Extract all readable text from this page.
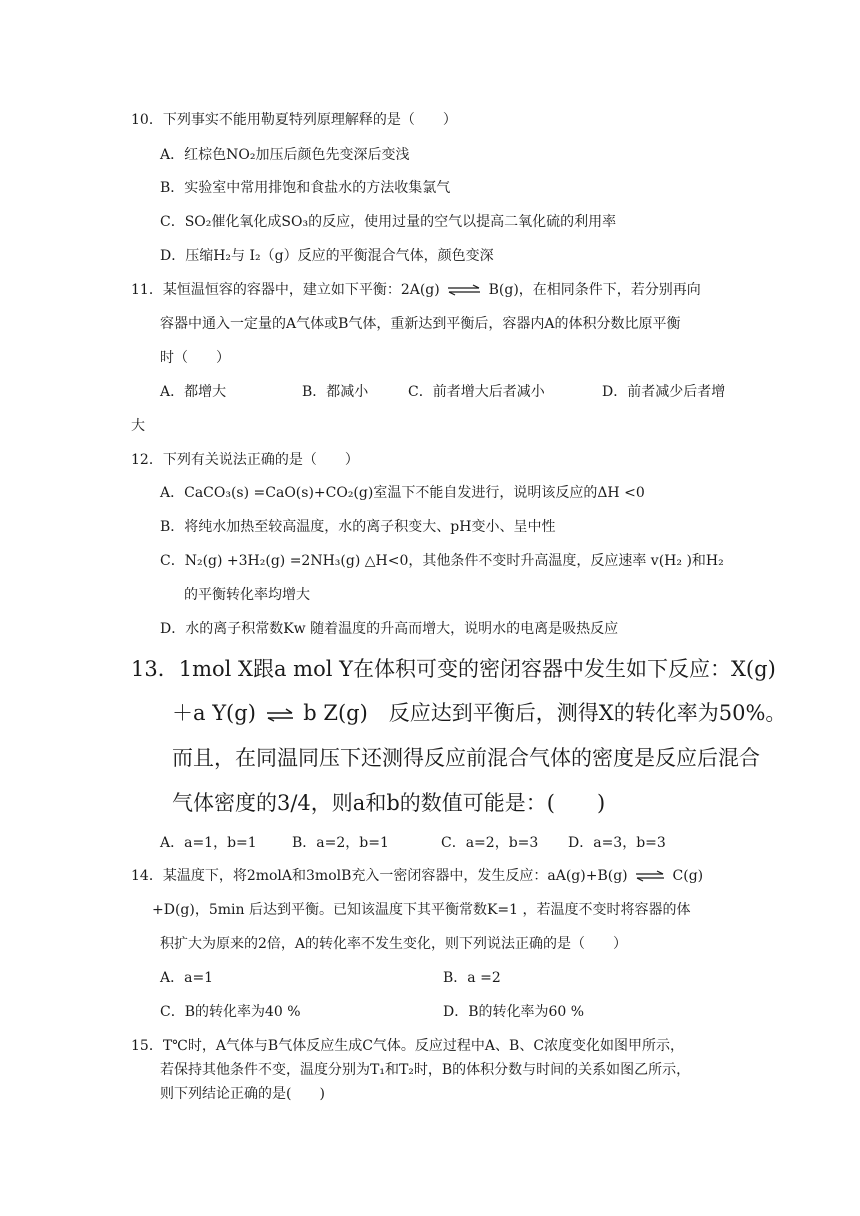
10．下列事实不能用勒夏特列原理解释的是（　　）
A．红棕色NO₂加压后颜色先变深后变浅
B．实验室中常用排饱和食盐水的方法收集氯气
C．SO₂催化氧化成SO₃的反应，使用过量的空气以提高二氧化硫的利用率
D．压缩H₂与 I₂（g）反应的平衡混合气体，颜色变深
11．某恒温恒容的容器中，建立如下平衡：2A(g) ⇌ B(g)，在相同条件下，若分别再向
容器中通入一定量的A气体或B气体，重新达到平衡后，容器内A的体积分数比原平衡
时（　　）
A．都增大	B．都减小	C．前者增大后者减小	D．前者减少后者增
大
12．下列有关说法正确的是（　　）
A．CaCO₃(s) =CaO(s)+CO₂(g)室温下不能自发进行，说明该反应的ΔH <0
B．将纯水加热至较高温度，水的离子积变大、pH变小、呈中性
C．N₂(g) +3H₂(g) =2NH₃(g) △H<0，其他条件不变时升高温度，反应速率 v(H₂ )和H₂
的平衡转化率均增大
D．水的离子积常数Kw 随着温度的升高而增大，说明水的电离是吸热反应
13．1mol X跟a mol Y在体积可变的密闭容器中发生如下反应：X(g)
＋a Y(g) ⇌ b Z(g)　反应达到平衡后，测得X的转化率为50%。
而且，在同温同压下还测得反应前混合气体的密度是反应后混合
气体密度的3/4，则a和b的数值可能是：(　　)
A．a=1，b=1	B．a=2，b=1	C．a=2，b=3 D．a=3，b=3
14．某温度下，将2molA和3molB充入一密闭容器中，发生反应：aA(g)+B(g) ⇌ C(g)
+D(g)，5min 后达到平衡。已知该温度下其平衡常数K=1 ，若温度不变时将容器的体
积扩大为原来的2倍，A的转化率不发生变化，则下列说法正确的是（　　）
A．a=1	B．a =2
C．B的转化率为40 %	D．B的转化率为60 %
15．T℃时，A气体与B气体反应生成C气体。反应过程中A、B、C浓度变化如图甲所示，
若保持其他条件不变，温度分别为T₁和T₂时，B的体积分数与时间的关系如图乙所示，
则下列结论正确的是(　　)
